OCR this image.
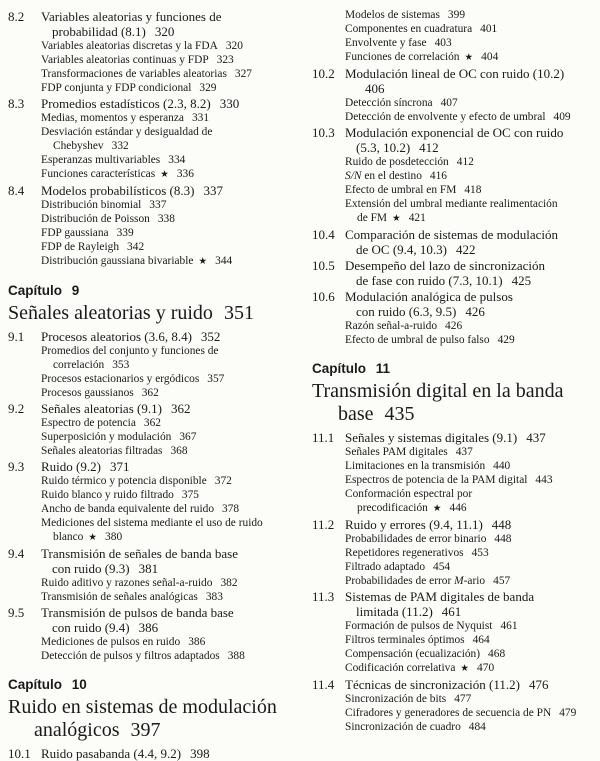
8.2	Variables aleatorias y funciones de
probabilidad (8.1) 320
Variables aleatorias discretas y la FDA 320
Variables aleatorias continuas y FDP 323
Transformaciones de variables aleatorias 327
FDP conjunta y FDP condicional 329
8.3	Promedios estadísticos (2.3, 8.2) 330
Medias, momentos y esperanza 331
Desviación estándar y desigualdad de
Chebyshev 332
Esperanzas multivariables 334
Funciones características ★ 336
8.4	Modelos probabilísticos (8.3) 337
Distribución binomial 337
Distribución de Poisson 338
FDP gaussiana 339
FDP de Rayleigh 342
Distribución gaussiana bivariable ★ 344
Capítulo 9
Señales aleatorias y ruido 351
9.1	Procesos aleatorios (3.6, 8.4) 352
Promedios del conjunto y funciones de
correlación 353
Procesos estacionarios y ergódicos 357
Procesos gaussianos 362
9.2	Señales aleatorias (9.1) 362
Espectro de potencia 362
Superposición y modulación 367
Señales aleatorias filtradas 368
9.3	Ruido (9.2) 371
Ruido térmico y potencia disponible 372
Ruido blanco y ruido filtrado 375
Ancho de banda equivalente del ruido 378
Mediciones del sistema mediante el uso de ruido
blanco ★ 380
9.4	Transmisión de señales de banda base
con ruido (9.3) 381
Ruido aditivo y razones señal-a-ruido 382
Transmisión de señales analógicas 383
9.5	Transmisión de pulsos de banda base
con ruido (9.4) 386
Mediciones de pulsos en ruido 386
Detección de pulsos y filtros adaptados 388
Capítulo 10
Ruido en sistemas de modulación
analógicos 397
10.1 Ruido pasabanda (4.4, 9.2) 398
Modelos de sistemas 399
Componentes en cuadratura 401
Envolvente y fase 403
Funciones de correlación ★ 404
10.2 Modulación lineal de OC con ruido (10.2)
406
Detección síncrona 407
Detección de envolvente y efecto de umbral 409
10.3 Modulación exponencial de OC con ruido
(5.3, 10.2) 412
Ruido de posdetección 412
S/N en el destino 416
Efecto de umbral en FM 418
Extensión del umbral mediante realimentación
de FM ★ 421
10.4 Comparación de sistemas de modulación
de OC (9.4, 10.3) 422
10.5 Desempeño del lazo de sincronización
de fase con ruido (7.3, 10.1) 425
10.6 Modulación analógica de pulsos
con ruido (6.3, 9.5) 426
Razón señal-a-ruido 426
Efecto de umbral de pulso falso 429
Capítulo 11
Transmisión digital en la banda
base 435
11.1 Señales y sistemas digitales (9.1) 437
Señales PAM digitales 437
Limitaciones en la transmisión 440
Espectros de potencia de la PAM digital 443
Conformación espectral por
precodificación ★ 446
11.2 Ruido y errores (9.4, 11.1) 448
Probabilidades de error binario 448
Repetidores regenerativos 453
Filtrado adaptado 454
Probabilidades de error M-ario 457
11.3 Sistemas de PAM digitales de banda
limitada (11.2) 461
Formación de pulsos de Nyquist 461
Filtros terminales óptimos 464
Compensación (ecualización) 468
Codificación correlativa ★ 470
11.4 Técnicas de sincronización (11.2) 476
Sincronización de bits 477
Cifradores y generadores de secuencia de PN 479
Sincronización de cuadro 484
